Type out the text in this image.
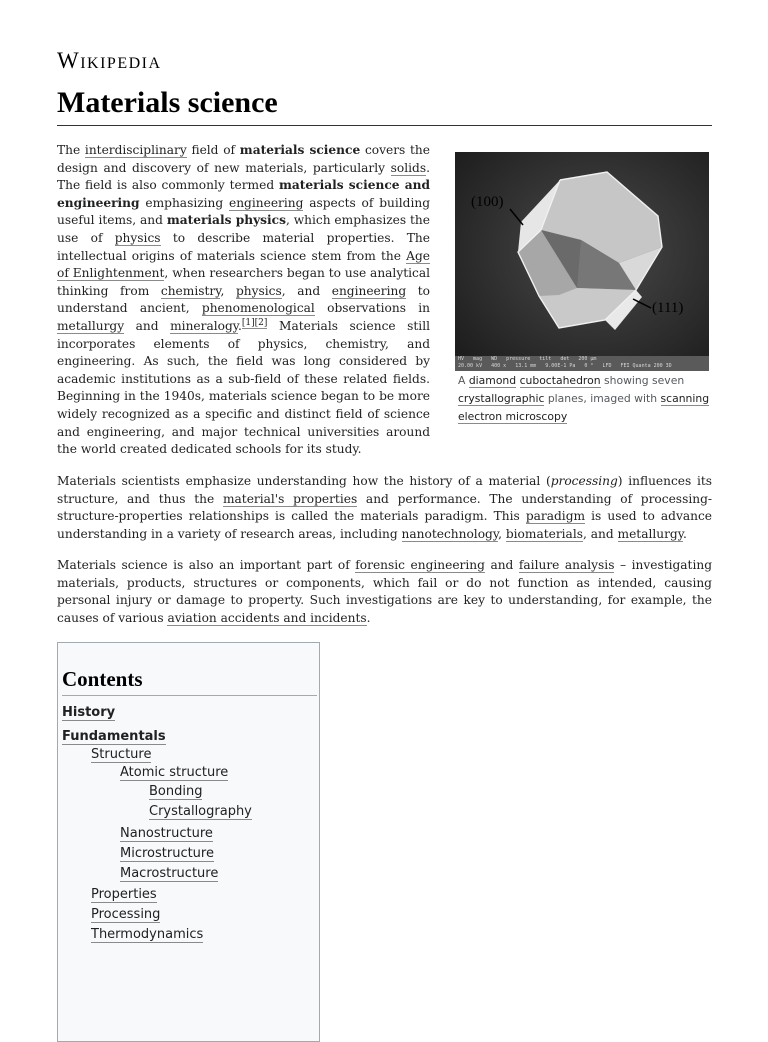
Wikipedia
Materials science

The interdisciplinary field of materials science covers the design and discovery of new materials, particularly solids. The field is also commonly termed materials science and engineering emphasizing engineering aspects of building useful items, and materials physics, which emphasizes the use of physics to describe material properties. The intellectual origins of materials science stem from the Age of Enlightenment, when researchers began to use analytical thinking from chemistry, physics, and engineering to understand ancient, phenomenological observations in metallurgy and mineralogy.[1][2] Materials science still incorporates elements of physics, chemistry, and engineering. As such, the field was long considered by academic institutions as a sub-field of these related fields. Beginning in the 1940s, materials science began to be more widely recognized as a specific and distinct field of science and engineering, and major technical universities around the world created dedicated schools for its study.

(100)
(111)
HV mag WD pressure tilt det 200 µm
20.00 kV 400 x 13.1 mm 9.00E-1 Pa 0 ° LFD FEI Quanta 200 3D

A diamond cuboctahedron showing seven crystallographic planes, imaged with scanning electron microscopy

Materials scientists emphasize understanding how the history of a material (processing) influences its structure, and thus the material's properties and performance. The understanding of processing-structure-properties relationships is called the materials paradigm. This paradigm is used to advance understanding in a variety of research areas, including nanotechnology, biomaterials, and metallurgy.

Materials science is also an important part of forensic engineering and failure analysis – investigating materials, products, structures or components, which fail or do not function as intended, causing personal injury or damage to property. Such investigations are key to understanding, for example, the causes of various aviation accidents and incidents.

Contents
History
Fundamentals
Structure
Atomic structure
Bonding
Crystallography
Nanostructure
Microstructure
Macrostructure
Properties
Processing
Thermodynamics
